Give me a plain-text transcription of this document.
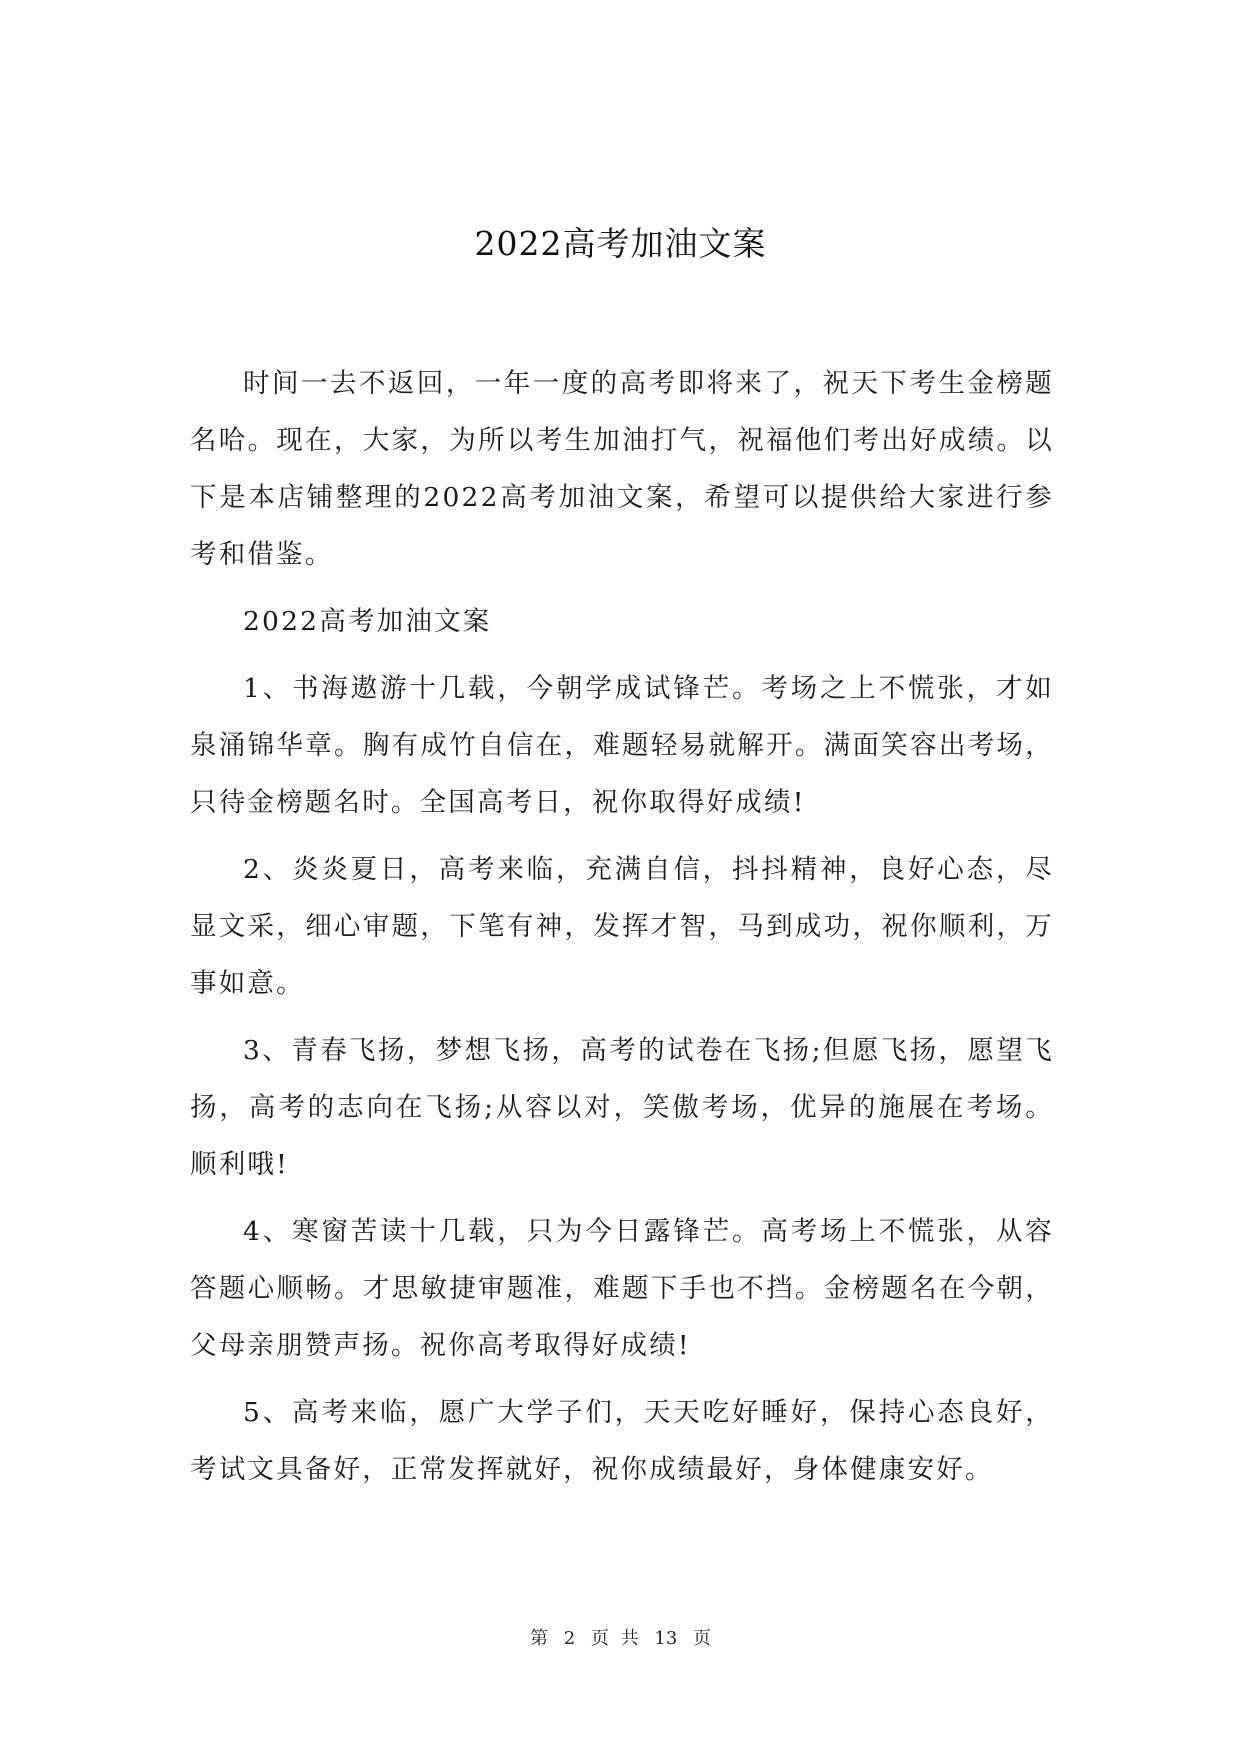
2022高考加油文案

时间一去不返回，一年一度的高考即将来了，祝天下考生金榜题名哈。现在，大家，为所以考生加油打气，祝福他们考出好成绩。以下是本店铺整理的2022高考加油文案，希望可以提供给大家进行参考和借鉴。

2022高考加油文案

1、书海遨游十几载，今朝学成试锋芒。考场之上不慌张，才如泉涌锦华章。胸有成竹自信在，难题轻易就解开。满面笑容出考场，只待金榜题名时。全国高考日，祝你取得好成绩!

2、炎炎夏日，高考来临，充满自信，抖抖精神，良好心态，尽显文采，细心审题，下笔有神，发挥才智，马到成功，祝你顺利，万事如意。

3、青春飞扬，梦想飞扬，高考的试卷在飞扬;但愿飞扬，愿望飞扬，高考的志向在飞扬;从容以对，笑傲考场，优异的施展在考场。顺利哦!

4、寒窗苦读十几载，只为今日露锋芒。高考场上不慌张，从容答题心顺畅。才思敏捷审题准，难题下手也不挡。金榜题名在今朝，父母亲朋赞声扬。祝你高考取得好成绩!

5、高考来临，愿广大学子们，天天吃好睡好，保持心态良好，考试文具备好，正常发挥就好，祝你成绩最好，身体健康安好。

第 2 页 共 13 页
